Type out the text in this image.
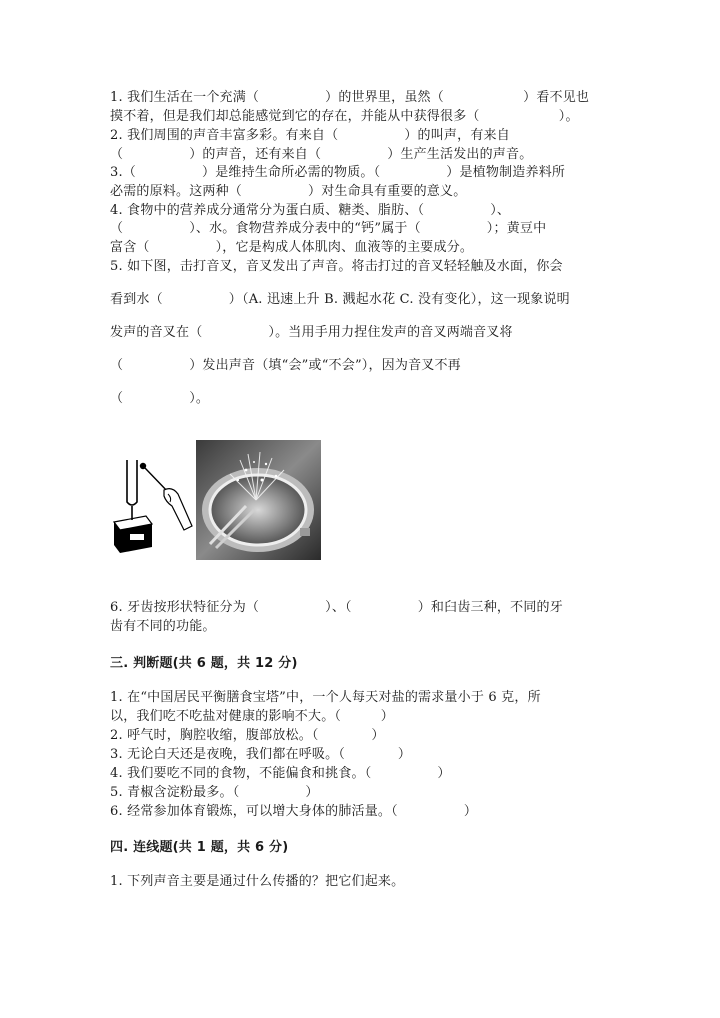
1. 我们生活在一个充满（　　　　　）的世界里，虽然（　　　　　　）看不见也
摸不着，但是我们却总能感觉到它的存在，并能从中获得很多（　　　　　　）。
2. 我们周围的声音丰富多彩。有来自（　　　　　）的叫声，有来自
（　　　　　）的声音，还有来自（　　　　　）生产生活发出的声音。
3.（　　　　　）是维持生命所必需的物质。（　　　　　）是植物制造养料所
必需的原料。这两种（　　　　　）对生命具有重要的意义。
4. 食物中的营养成分通常分为蛋白质、糖类、脂肪、（　　　　　）、
（　　　　　）、水。食物营养成分表中的“钙”属于（　　　　　）；黄豆中
富含（　　　　　），它是构成人体肌肉、血液等的主要成分。
5. 如下图，击打音叉，音叉发出了声音。将击打过的音叉轻轻触及水面，你会
看到水（　　　　　）（A. 迅速上升 B. 溅起水花 C. 没有变化），这一现象说明
发声的音叉在（　　　　　）。当用手用力捏住发声的音叉两端音叉将
（　　　　　）发出声音（填“会”或“不会”），因为音叉不再
（　　　　　）。
6. 牙齿按形状特征分为（　　　　　）、（　　　　　）和臼齿三种，不同的牙
齿有不同的功能。
三. 判断题(共 6 题，共 12 分)
1. 在“中国居民平衡膳食宝塔”中，一个人每天对盐的需求量小于 6 克，所
以，我们吃不吃盐对健康的影响不大。（　　　）
2. 呼气时，胸腔收缩，腹部放松。（　　　　）
3. 无论白天还是夜晚，我们都在呼吸。（　　　　）
4. 我们要吃不同的食物，不能偏食和挑食。（　　　　　）
5. 青椒含淀粉最多。（　　　　　）
6. 经常参加体育锻炼，可以增大身体的肺活量。（　　　　　）
四. 连线题(共 1 题，共 6 分)
1. 下列声音主要是通过什么传播的？把它们起来。
